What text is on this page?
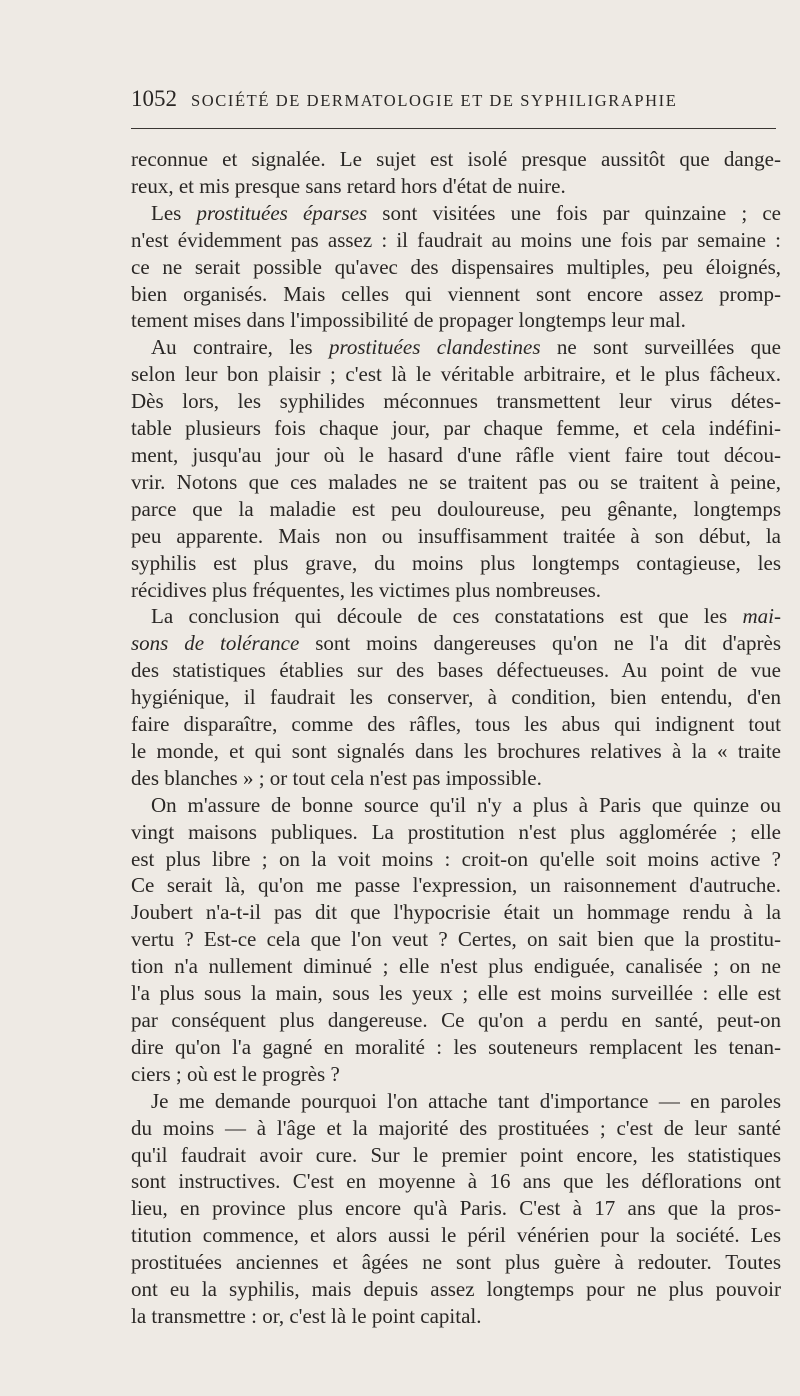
1052 SOCIÉTÉ DE DERMATOLOGIE ET DE SYPHILIGRAPHIE
reconnue et signalée. Le sujet est isolé presque aussitôt que dange-
reux, et mis presque sans retard hors d'état de nuire.
Les prostituées éparses sont visitées une fois par quinzaine ; ce
n'est évidemment pas assez : il faudrait au moins une fois par semaine :
ce ne serait possible qu'avec des dispensaires multiples, peu éloignés,
bien organisés. Mais celles qui viennent sont encore assez promp-
tement mises dans l'impossibilité de propager longtemps leur mal.
Au contraire, les prostituées clandestines ne sont surveillées que
selon leur bon plaisir ; c'est là le véritable arbitraire, et le plus fâcheux.
Dès lors, les syphilides méconnues transmettent leur virus détes-
table plusieurs fois chaque jour, par chaque femme, et cela indéfini-
ment, jusqu'au jour où le hasard d'une râfle vient faire tout décou-
vrir. Notons que ces malades ne se traitent pas ou se traitent à peine,
parce que la maladie est peu douloureuse, peu gênante, longtemps
peu apparente. Mais non ou insuffisamment traitée à son début, la
syphilis est plus grave, du moins plus longtemps contagieuse, les
récidives plus fréquentes, les victimes plus nombreuses.
La conclusion qui découle de ces constatations est que les mai-
sons de tolérance sont moins dangereuses qu'on ne l'a dit d'après
des statistiques établies sur des bases défectueuses. Au point de vue
hygiénique, il faudrait les conserver, à condition, bien entendu, d'en
faire disparaître, comme des râfles, tous les abus qui indignent tout
le monde, et qui sont signalés dans les brochures relatives à la « traite
des blanches » ; or tout cela n'est pas impossible.
On m'assure de bonne source qu'il n'y a plus à Paris que quinze ou
vingt maisons publiques. La prostitution n'est plus agglomérée ; elle
est plus libre ; on la voit moins : croit-on qu'elle soit moins active ?
Ce serait là, qu'on me passe l'expression, un raisonnement d'autruche.
Joubert n'a-t-il pas dit que l'hypocrisie était un hommage rendu à la
vertu ? Est-ce cela que l'on veut ? Certes, on sait bien que la prostitu-
tion n'a nullement diminué ; elle n'est plus endiguée, canalisée ; on ne
l'a plus sous la main, sous les yeux ; elle est moins surveillée : elle est
par conséquent plus dangereuse. Ce qu'on a perdu en santé, peut-on
dire qu'on l'a gagné en moralité : les souteneurs remplacent les tenan-
ciers ; où est le progrès ?
Je me demande pourquoi l'on attache tant d'importance — en paroles
du moins — à l'âge et la majorité des prostituées ; c'est de leur santé
qu'il faudrait avoir cure. Sur le premier point encore, les statistiques
sont instructives. C'est en moyenne à 16 ans que les déflorations ont
lieu, en province plus encore qu'à Paris. C'est à 17 ans que la pros-
titution commence, et alors aussi le péril vénérien pour la société. Les
prostituées anciennes et âgées ne sont plus guère à redouter. Toutes
ont eu la syphilis, mais depuis assez longtemps pour ne plus pouvoir
la transmettre : or, c'est là le point capital.
